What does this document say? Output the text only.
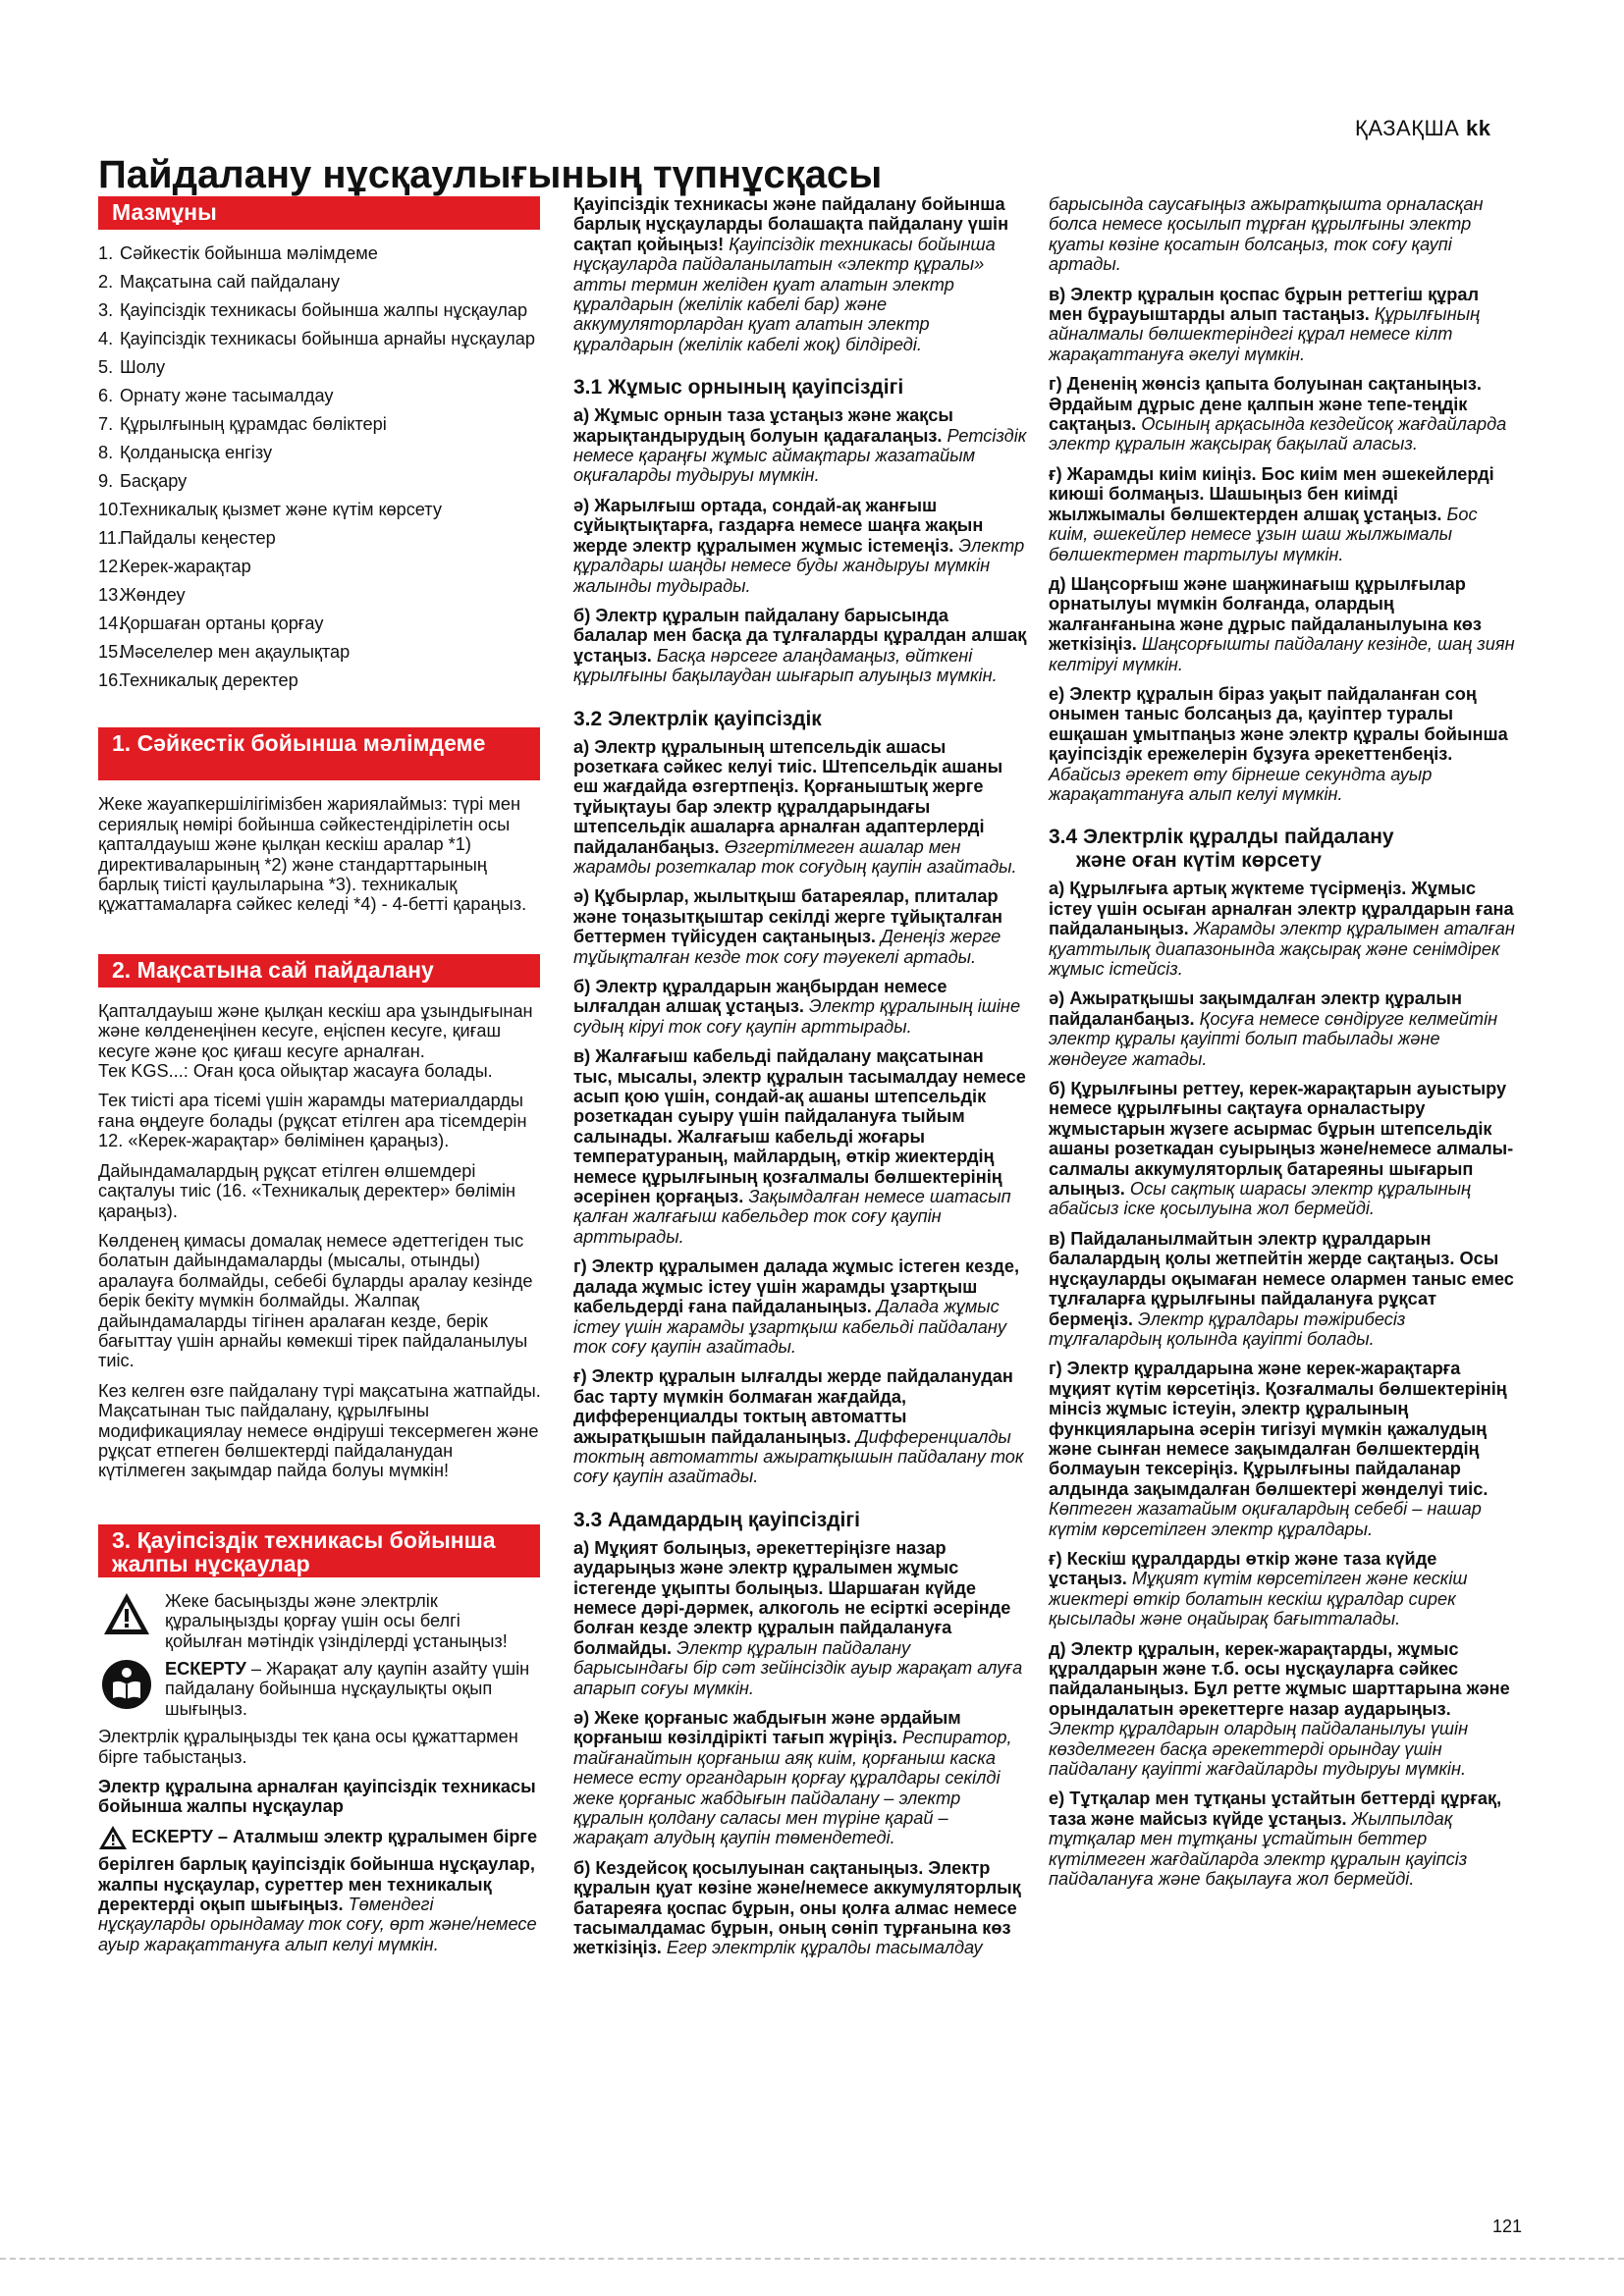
ҚАЗАҚША kk
Пайдалану нұсқаулығының түпнұсқасы
Мазмұны
1. Сәйкестік бойынша мәлімдеме
2. Мақсатына сай пайдалану
3. Қауіпсіздік техникасы бойынша жалпы нұсқаулар
4. Қауіпсіздік техникасы бойынша арнайы нұсқаулар
5. Шолу
6. Орнату және тасымалдау
7. Құрылғының құрамдас бөліктері
8. Қолданысқа енгізу
9. Басқару
10.
Техникалық қызмет және күтім көрсету
11.
Пайдалы кеңестер
12.
Керек-жарақтар
13.
Жөндеу
14.
Қоршаған ортаны қорғау
15.
Мәселелер мен ақаулықтар
16.
Техникалық деректер
1. Сәйкестік бойынша мәлімдеме

Жеке жауапкершілігімізбен жариялаймыз: түрі мен сериялық нөмірі бойынша сәйкестендірілетін осы қапталдауыш және қылқан кескіш аралар *1) директиваларының *2) және стандарттарының барлық тиісті қаулыларына *3). техникалық құжаттамаларға сәйкес келеді *4) - 4-бетті қараңыз.

2. Мақсатына сай пайдалану

Қапталдауыш және қылқан кескіш ара ұзындығынан және көлденеңінен кесуге, еңіспен кесуге, қиғаш кесуге және қос қиғаш кесуге арналған.
Тек KGS...: Оған қоса ойықтар жасауға болады.

Тек тиісті ара тісемі үшін жарамды материалдарды ғана өңдеуге болады (рұқсат етілген ара тісемдерін 12. «Керек-жарақтар» бөлімінен қараңыз).

Дайындамалардың рұқсат етілген өлшемдері сақталуы тиіс (16. «Техникалық деректер» бөлімін қараңыз).

Көлденең қимасы домалақ немесе әдеттегіден тыс болатын дайындамаларды (мысалы, отынды) аралауға болмайды, себебі бұларды аралау кезінде берік бекіту мүмкін болмайды. Жалпақ дайындамаларды тігінен аралаған кезде, берік бағыттау үшін арнайы көмекші тірек пайдаланылуы тиіс.

Кез келген өзге пайдалану түрі мақсатына жатпайды. Мақсатынан тыс пайдалану, құрылғыны модификациялау немесе өндіруші тексермеген және рұқсат етпеген бөлшектерді пайдаланудан күтілмеген зақымдар пайда болуы мүмкін!

3. Қауіпсіздік техникасы бойынша жалпы нұсқаулар
Жеке басыңызды және электрлік құралыңызды қорғау үшін осы белгі қойылған мәтіндік үзінділерді ұстаныңыз!
ЕСКЕРТУ – Жарақат алу қаупін азайту үшін пайдалану бойынша нұсқаулықты оқып шығыңыз.

Электрлік құралыңызды тек қана осы құжаттармен бірге табыстаңыз.

Электр құралына арналған қауіпсіздік техникасы бойынша жалпы нұсқаулар

ЕСКЕРТУ – Аталмыш электр құралымен бірге берілген барлық қауіпсіздік бойынша нұсқаулар, жалпы нұсқаулар, суреттер мен техникалық деректерді оқып шығыңыз. Төмендегі нұсқауларды орындамау ток соғу, өрт және/немесе ауыр жарақаттануға алып келуі мүмкін.

Қауіпсіздік техникасы және пайдалану бойынша барлық нұсқауларды болашақта пайдалану үшін сақтап қойыңыз! Қауіпсіздік техникасы бойынша нұсқауларда пайдаланылатын «электр құралы» атты термин желіден қуат алатын электр құралдарын (желілік кабелі бар) және аккумуляторлардан қуат алатын электр құралдарын (желілік кабелі жоқ) білдіреді.

3.1 Жұмыс орнының қауіпсіздігі

а) Жұмыс орнын таза ұстаңыз және жақсы жарықтандырудың болуын қадағалаңыз. Ретсіздік немесе қараңғы жұмыс аймақтары жазатайым оқиғаларды тудыруы мүмкін.

ә) Жарылғыш ортада, сондай-ақ жанғыш сұйықтықтарға, газдарға немесе шаңға жақын жерде электр құралымен жұмыс істемеңіз. Электр құралдары шаңды немесе буды жандыруы мүмкін жалынды тудырады.

б) Электр құралын пайдалану барысында балалар мен басқа да тұлғаларды құралдан алшақ ұстаңыз. Басқа нәрсеге алаңдамаңыз, өйткені құрылғыны бақылаудан шығарып алуыңыз мүмкін.

3.2 Электрлік қауіпсіздік

а) Электр құралының штепсельдік ашасы розеткаға сәйкес келуі тиіс. Штепсельдік ашаны еш жағдайда өзгертпеңіз. Қорғаныштық жерге тұйықтауы бар электр құралдарындағы штепсельдік ашаларға арналған адаптерлерді пайдаланбаңыз. Өзгертілмеген ашалар мен жарамды розеткалар ток соғудың қаупін азайтады.

ә) Құбырлар, жылытқыш батареялар, плиталар және тоңазытқыштар секілді жерге тұйықталған беттермен түйісуден сақтаныңыз. Денеңіз жерге тұйықталған кезде ток соғу тәуекелі артады.

б) Электр құралдарын жаңбырдан немесе ылғалдан алшақ ұстаңыз. Электр құралының ішіне судың кіруі ток соғу қаупін арттырады.

в) Жалғағыш кабельді пайдалану мақсатынан тыс, мысалы, электр құралын тасымалдау немесе асып қою үшін, сондай-ақ ашаны штепсельдік розеткадан суыру үшін пайдалануға тыйым салынады. Жалғағыш кабельді жоғары температураның, майлардың, өткір жиектердің немесе құрылғының қозғалмалы бөлшектерінің әсерінен қорғаңыз. Зақымдалған немесе шатасып қалған жалғағыш кабельдер ток соғу қаупін арттырады.

г) Электр құралымен далада жұмыс істеген кезде, далада жұмыс істеу үшін жарамды ұзартқыш кабельдерді ғана пайдаланыңыз. Далада жұмыс істеу үшін жарамды ұзартқыш кабельді пайдалану ток соғу қаупін азайтады.

ғ) Электр құралын ылғалды жерде пайдаланудан бас тарту мүмкін болмаған жағдайда, дифференциалды токтың автоматты ажыратқышын пайдаланыңыз. Дифференциалды токтың автоматты ажыратқышын пайдалану ток соғу қаупін азайтады.

3.3 Адамдардың қауіпсіздігі

а) Мұқият болыңыз, әрекеттеріңізге назар аударыңыз және электр құралымен жұмыс істегенде ұқыпты болыңыз. Шаршаған күйде немесе дәрі-дәрмек, алкоголь не есірткі әсерінде болған кезде электр құралын пайдалануға болмайды. Электр құралын пайдалану барысындағы бір сәт зейінсіздік ауыр жарақат алуға апарып соғуы мүмкін.

ә) Жеке қорғаныс жабдығын және әрдайым қорғаныш көзілдірікті тағып жүріңіз. Респиратор, тайғанайтын қорғаныш аяқ киім, қорғаныш каска немесе есту органдарын қорғау құралдары секілді жеке қорғаныс жабдығын пайдалану – электр құралын қолдану саласы мен түріне қарай – жарақат алудың қаупін төмендетеді.

б) Кездейсоқ қосылуынан сақтаныңыз. Электр құралын қуат көзіне және/немесе аккумуляторлық батареяға қоспас бұрын, оны қолға алмас немесе тасымалдамас бұрын, оның сөніп тұрғанына көз жеткізіңіз. Егер электрлік құралды тасымалдау

барысында саусағыңыз ажыратқышта орналасқан болса немесе қосылып тұрған құрылғыны электр қуаты көзіне қосатын болсаңыз, ток соғу қаупі артады.

в) Электр құралын қоспас бұрын реттегіш құрал мен бұрауыштарды алып тастаңыз. Құрылғының айналмалы бөлшектеріндегі құрал немесе кілт жарақаттануға әкелуі мүмкін.

г) Дененің жөнсіз қапыта болуынан сақтаныңыз. Әрдайым дұрыс дене қалпын және тепе-теңдік сақтаңыз. Осының арқасында кездейсоқ жағдайларда электр құралын жақсырақ бақылай аласыз.

ғ) Жарамды киім киіңіз. Бос киім мен әшекейлерді киюші болмаңыз. Шашыңыз бен киімді жылжымалы бөлшектерден алшақ ұстаңыз. Бос киім, әшекейлер немесе ұзын шаш жылжымалы бөлшектермен тартылуы мүмкін.

д) Шаңсорғыш және шаңжинағыш құрылғылар орнатылуы мүмкін болғанда, олардың жалғанғанына және дұрыс пайдаланылуына көз жеткізіңіз. Шаңсорғышты пайдалану кезінде, шаң зиян келтіруі мүмкін.

е) Электр құралын біраз уақыт пайдаланған соң онымен таныс болсаңыз да, қауіптер туралы ешқашан ұмытпаңыз және электр құралы бойынша қауіпсіздік ережелерін бұзуға әрекеттенбеңіз. Абайсыз әрекет өту бірнеше секундта ауыр жарақаттануға алып келуі мүмкін.

3.4 Электрлік құралды пайдалану
және оған күтім көрсету

а) Құрылғыға артық жүктеме түсірмеңіз. Жұмыс істеу үшін осыған арналған электр құралдарын ғана пайдаланыңыз. Жарамды электр құралымен аталған қуаттылық диапазонында жақсырақ және сенімдірек жұмыс істейсіз.

ә) Ажыратқышы зақымдалған электр құралын пайдаланбаңыз. Қосуға немесе сөндіруге келмейтін электр құралы қауіпті болып табылады және жөндеуге жатады.

б) Құрылғыны реттеу, керек-жарақтарын ауыстыру немесе құрылғыны сақтауға орналастыру жұмыстарын жүзеге асырмас бұрын штепсельдік ашаны розеткадан суырыңыз және/немесе алмалы-салмалы аккумуляторлық батареяны шығарып алыңыз. Осы сақтық шарасы электр құралының абайсыз іске қосылуына жол бермейді.

в) Пайдаланылмайтын электр құралдарын балалардың қолы жетпейтін жерде сақтаңыз. Осы нұсқауларды оқымаған немесе олармен таныс емес тұлғаларға құрылғыны пайдалануға рұқсат бермеңіз. Электр құралдары тәжірибесіз тұлғалардың қолында қауіпті болады.

г) Электр құралдарына және керек-жарақтарға мұқият күтім көрсетіңіз. Қозғалмалы бөлшектерінің мінсіз жұмыс істеуін, электр құралының функцияларына әсерін тигізуі мүмкін қажалудың және сынған немесе зақымдалған бөлшектердің болмауын тексеріңіз. Құрылғыны пайдаланар алдында зақымдалған бөлшектері жөнделуі тиіс. Көптеген жазатайым оқиғалардың себебі – нашар күтім көрсетілген электр құралдары.

ғ) Кескіш құралдарды өткір және таза күйде ұстаңыз. Мұқият күтім көрсетілген және кескіш жиектері өткір болатын кескіш құралдар сирек қысылады және оңайырақ бағытталады.

д) Электр құралын, керек-жарақтарды, жұмыс құралдарын және т.б. осы нұсқауларға сәйкес пайдаланыңыз. Бұл ретте жұмыс шарттарына және орындалатын әрекеттерге назар аударыңыз. Электр құралдарын олардың пайдаланылуы үшін көзделмеген басқа әрекеттерді орындау үшін пайдалану қауіпті жағдайларды тудыруы мүмкін.

е) Тұтқалар мен тұтқаны ұстайтын беттерді құрғақ, таза және майсыз күйде ұстаңыз. Жылпылдақ тұтқалар мен тұтқаны ұстайтын беттер күтілмеген жағдайларда электр құралын қауіпсіз пайдалануға және бақылауға жол бермейді.

121
